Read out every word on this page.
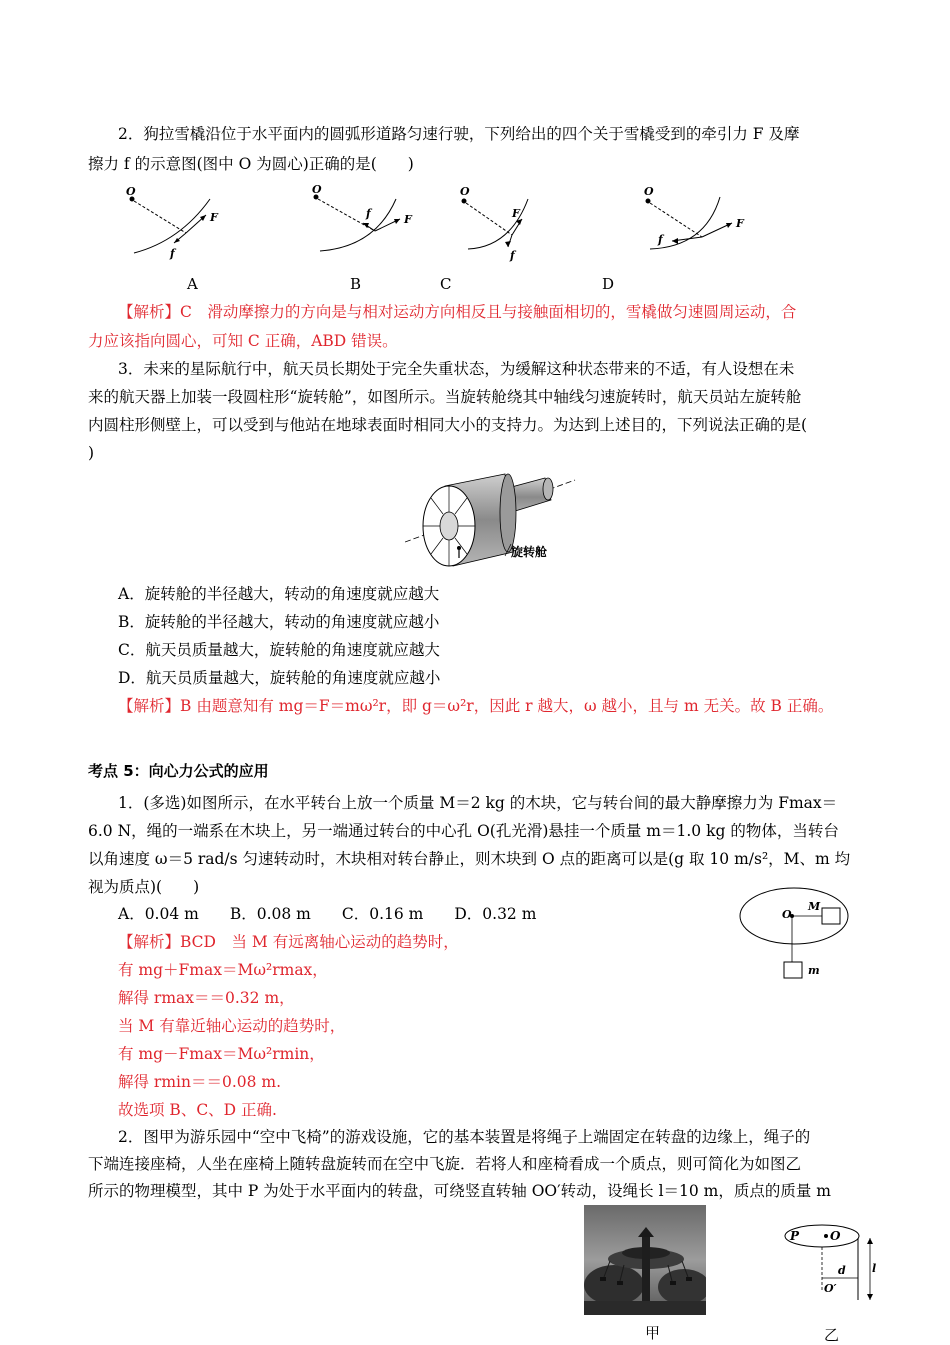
2．狗拉雪橇沿位于水平面内的圆弧形道路匀速行驶，下列给出的四个关于雪橇受到的牵引力 F 及摩
擦力 f 的示意图(图中 O 为圆心)正确的是(　　)
O
F
f
O
f	F
O
F
f
O
f
F
A	B	C	D
【解析】C　滑动摩擦力的方向是与相对运动方向相反且与接触面相切的，雪橇做匀速圆周运动，合
力应该指向圆心，可知 C 正确，ABD 错误。
3．未来的星际航行中，航天员长期处于完全失重状态，为缓解这种状态带来的不适，有人设想在未
来的航天器上加装一段圆柱形“旋转舱”，如图所示。当旋转舱绕其中轴线匀速旋转时，航天员站左旋转舱
内圆柱形侧壁上，可以受到与他站在地球表面时相同大小的支持力。为达到上述目的，下列说法正确的是(
)
旋转舱
A．旋转舱的半径越大，转动的角速度就应越大
B．旋转舱的半径越大，转动的角速度就应越小
C．航天员质量越大，旋转舱的角速度就应越大
D．航天员质量越大，旋转舱的角速度就应越小
【解析】B 由题意知有 mg＝F＝mω²r，即 g＝ω²r，因此 r 越大，ω 越小，且与 m 无关。故 B 正确。
考点 5：向心力公式的应用
1．(多选)如图所示，在水平转台上放一个质量 M＝2 kg 的木块，它与转台间的最大静摩擦力为 Fmax＝
6.0 N，绳的一端系在木块上，另一端通过转台的中心孔 O(孔光滑)悬挂一个质量 m＝1.0 kg 的物体，当转台
以角速度 ω＝5 rad/s 匀速转动时，木块相对转台静止，则木块到 O 点的距离可以是(g 取 10 m/s²，M、m 均
视为质点)(　　)
A．0.04 m　　B．0.08 m　　C．0.16 m　　D．0.32 m	O
M
m
【解析】BCD　当 M 有远离轴心运动的趋势时，
有 mg＋Fmax＝Mω²rmax，
解得 rmax＝＝0.32 m，
当 M 有靠近轴心运动的趋势时，
有 mg－Fmax＝Mω²rmin，
解得 rmin＝＝0.08 m.
故选项 B、C、D 正确.
2．图甲为游乐园中“空中飞椅”的游戏设施，它的基本装置是将绳子上端固定在转盘的边缘上，绳子的
下端连接座椅，人坐在座椅上随转盘旋转而在空中飞旋．若将人和座椅看成一个质点，则可简化为如图乙
所示的物理模型，其中 P 为处于水平面内的转盘，可绕竖直转轴 OO′转动，设绳长 l＝10 m，质点的质量 m
甲
P	O
d
O′
l
乙
